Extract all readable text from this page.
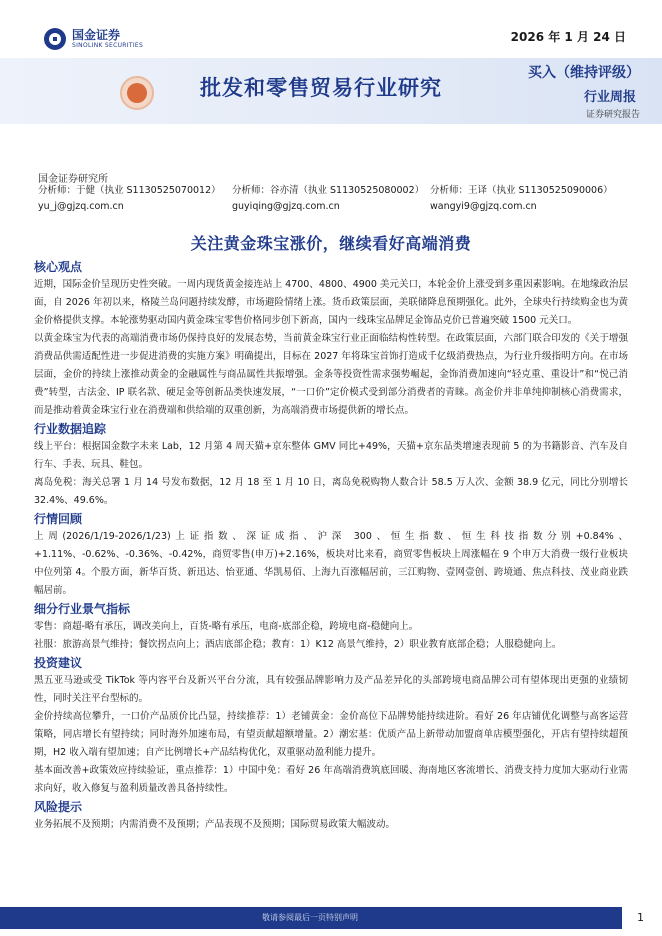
国金证券
SINOLINK SECURITIES
2026 年 1 月 24 日
批发和零售贸易行业研究
买入（维持评级）
行业周报
证券研究报告
国金证券研究所
分析师：于健（执业 S1130525070012）
yu_j@gjzq.com.cn
分析师：谷亦清（执业 S1130525080002）
guyiqing@gjzq.com.cn
分析师：王译（执业 S1130525090006）
wangyi9@gjzq.com.cn
关注黄金珠宝涨价，继续看好高端消费
核心观点

近期，国际金价呈现历史性突破。一周内现货黄金接连站上 4700、4800、4900 美元关口，本轮金价上涨受到多重因素影响。在地缘政治层面，自 2026 年初以来，格陵兰岛问题持续发酵，市场避险情绪上涨。货币政策层面，美联储降息预期强化。此外，全球央行持续购金也为黄金价格提供支撑。本轮涨势驱动国内黄金珠宝零售价格同步创下新高，国内一线珠宝品牌足金饰品克价已普遍突破 1500 元关口。

以黄金珠宝为代表的高端消费市场仍保持良好的发展态势，当前黄金珠宝行业正面临结构性转型。在政策层面，六部门联合印发的《关于增强消费品供需适配性进一步促进消费的实施方案》明确提出，目标在 2027 年将珠宝首饰打造成千亿级消费热点，为行业升级指明方向。在市场层面，金价的持续上涨推动黄金的金融属性与商品属性共振增强。金条等投资性需求强势崛起，金饰消费加速向“轻克重、重设计”和“悦己消费”转型，古法金、IP 联名款、硬足金等创新品类快速发展，“一口价”定价模式受到部分消费者的青睐。高金价并非单纯抑制核心消费需求，而是推动着黄金珠宝行业在消费端和供给端的双重创新，为高端消费市场提供新的增长点。

行业数据追踪

线上平台：根据国金数字未来 Lab，12 月第 4 周天猫+京东整体 GMV 同比+49%，天猫+京东品类增速表现前 5 的为书籍影音、汽车及自行车、手表、玩具、鞋包。

离岛免税：海关总署 1 月 14 号发布数据，12 月 18 至 1 月 10 日，离岛免税购物人数合计 58.5 万人次、金额 38.9 亿元，同比分别增长 32.4%、49.6%。

行情回顾

上周(2026/1/19-2026/1/23)上证指数、深证成指、沪深 300、恒生指数、恒生科技指数分别+0.84%、+1.11%、-0.62%、-0.36%、-0.42%，商贸零售(申万)+2.16%，板块对比来看，商贸零售板块上周涨幅在 9 个申万大消费一级行业板块中位列第 4。个股方面，新华百货、新迅达、怡亚通、华凯易佰、上海九百涨幅居前，三江购物、壹网壹创、跨境通、焦点科技、茂业商业跌幅居前。

细分行业景气指标

零售：商超-略有承压，调改美向上，百货-略有承压，电商-底部企稳，跨境电商-稳健向上。

社服：旅游高景气维持；餐饮拐点向上；酒店底部企稳；教育：1）K12 高景气维持，2）职业教育底部企稳；人服稳健向上。

投资建议

黑五亚马逊或受 TikTok 等内容平台及新兴平台分流，具有较强品牌影响力及产品差异化的头部跨境电商品牌公司有望体现出更强的业绩韧性，同时关注平台型标的。

金价持续高位攀升，一口价产品质价比凸显，持续推荐：1）老铺黄金：金价高位下品牌势能持续进阶。看好 26 年店铺优化调整与高客运营策略，同店增长有望持续；同时海外加速布局，有望贡献超额增量。2）潮宏基：优质产品上新带动加盟商单店模型强化，开店有望持续超预期，H2 收入端有望加速；自产比例增长+产品结构优化，双重驱动盈利能力提升。

基本面改善+政策效应持续验证，重点推荐：1）中国中免：看好 26 年高端消费筑底回暖、海南地区客流增长、消费支持力度加大驱动行业需求向好，收入修复与盈利质量改善具备持续性。

风险提示

业务拓展不及预期；内需消费不及预期；产品表现不及预期；国际贸易政策大幅波动。

敬请参阅最后一页特别声明	1
